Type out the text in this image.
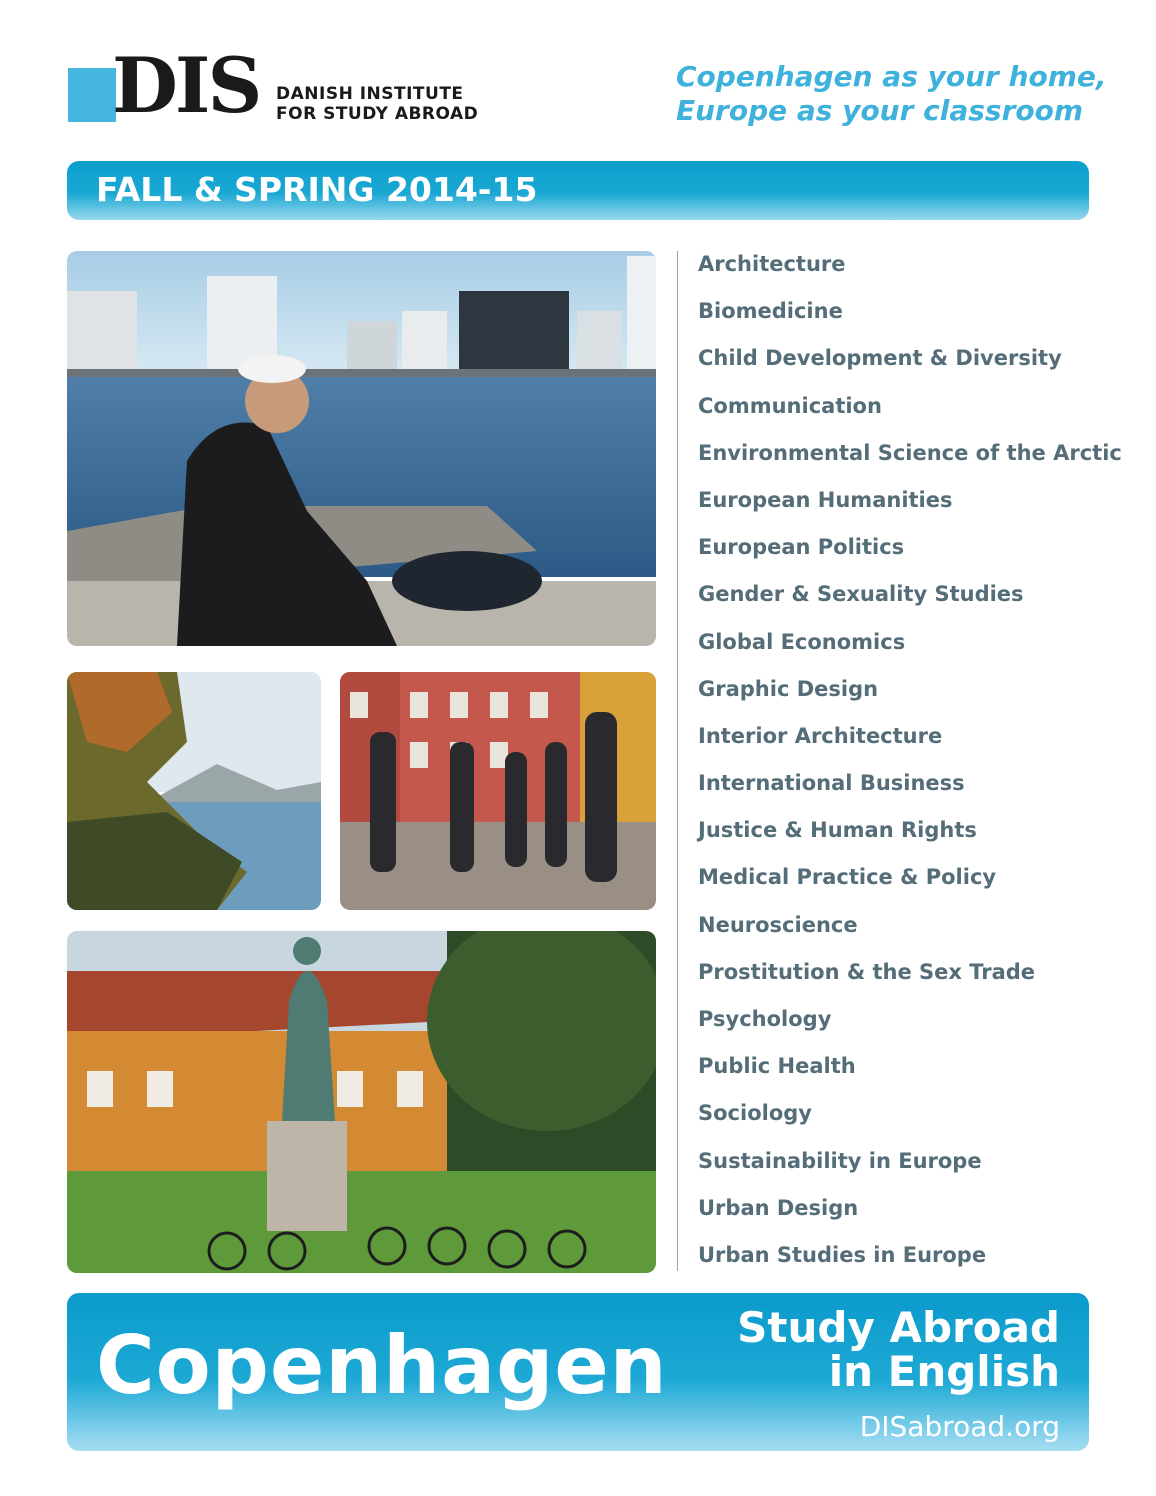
DIS DANISH INSTITUTE
FOR STUDY ABROAD
Copenhagen as your home,
Europe as your classroom
FALL & SPRING 2014-15
Architecture
Biomedicine
Child Development & Diversity
Communication
Environmental Science of the Arctic
European Humanities
European Politics
Gender & Sexuality Studies
Global Economics
Graphic Design
Interior Architecture
International Business
Justice & Human Rights
Medical Practice & Policy
Neuroscience
Prostitution & the Sex Trade
Psychology
Public Health
Sociology
Sustainability in Europe
Urban Design
Urban Studies in Europe
Copenhagen Study Abroad
in English
DISabroad.org
